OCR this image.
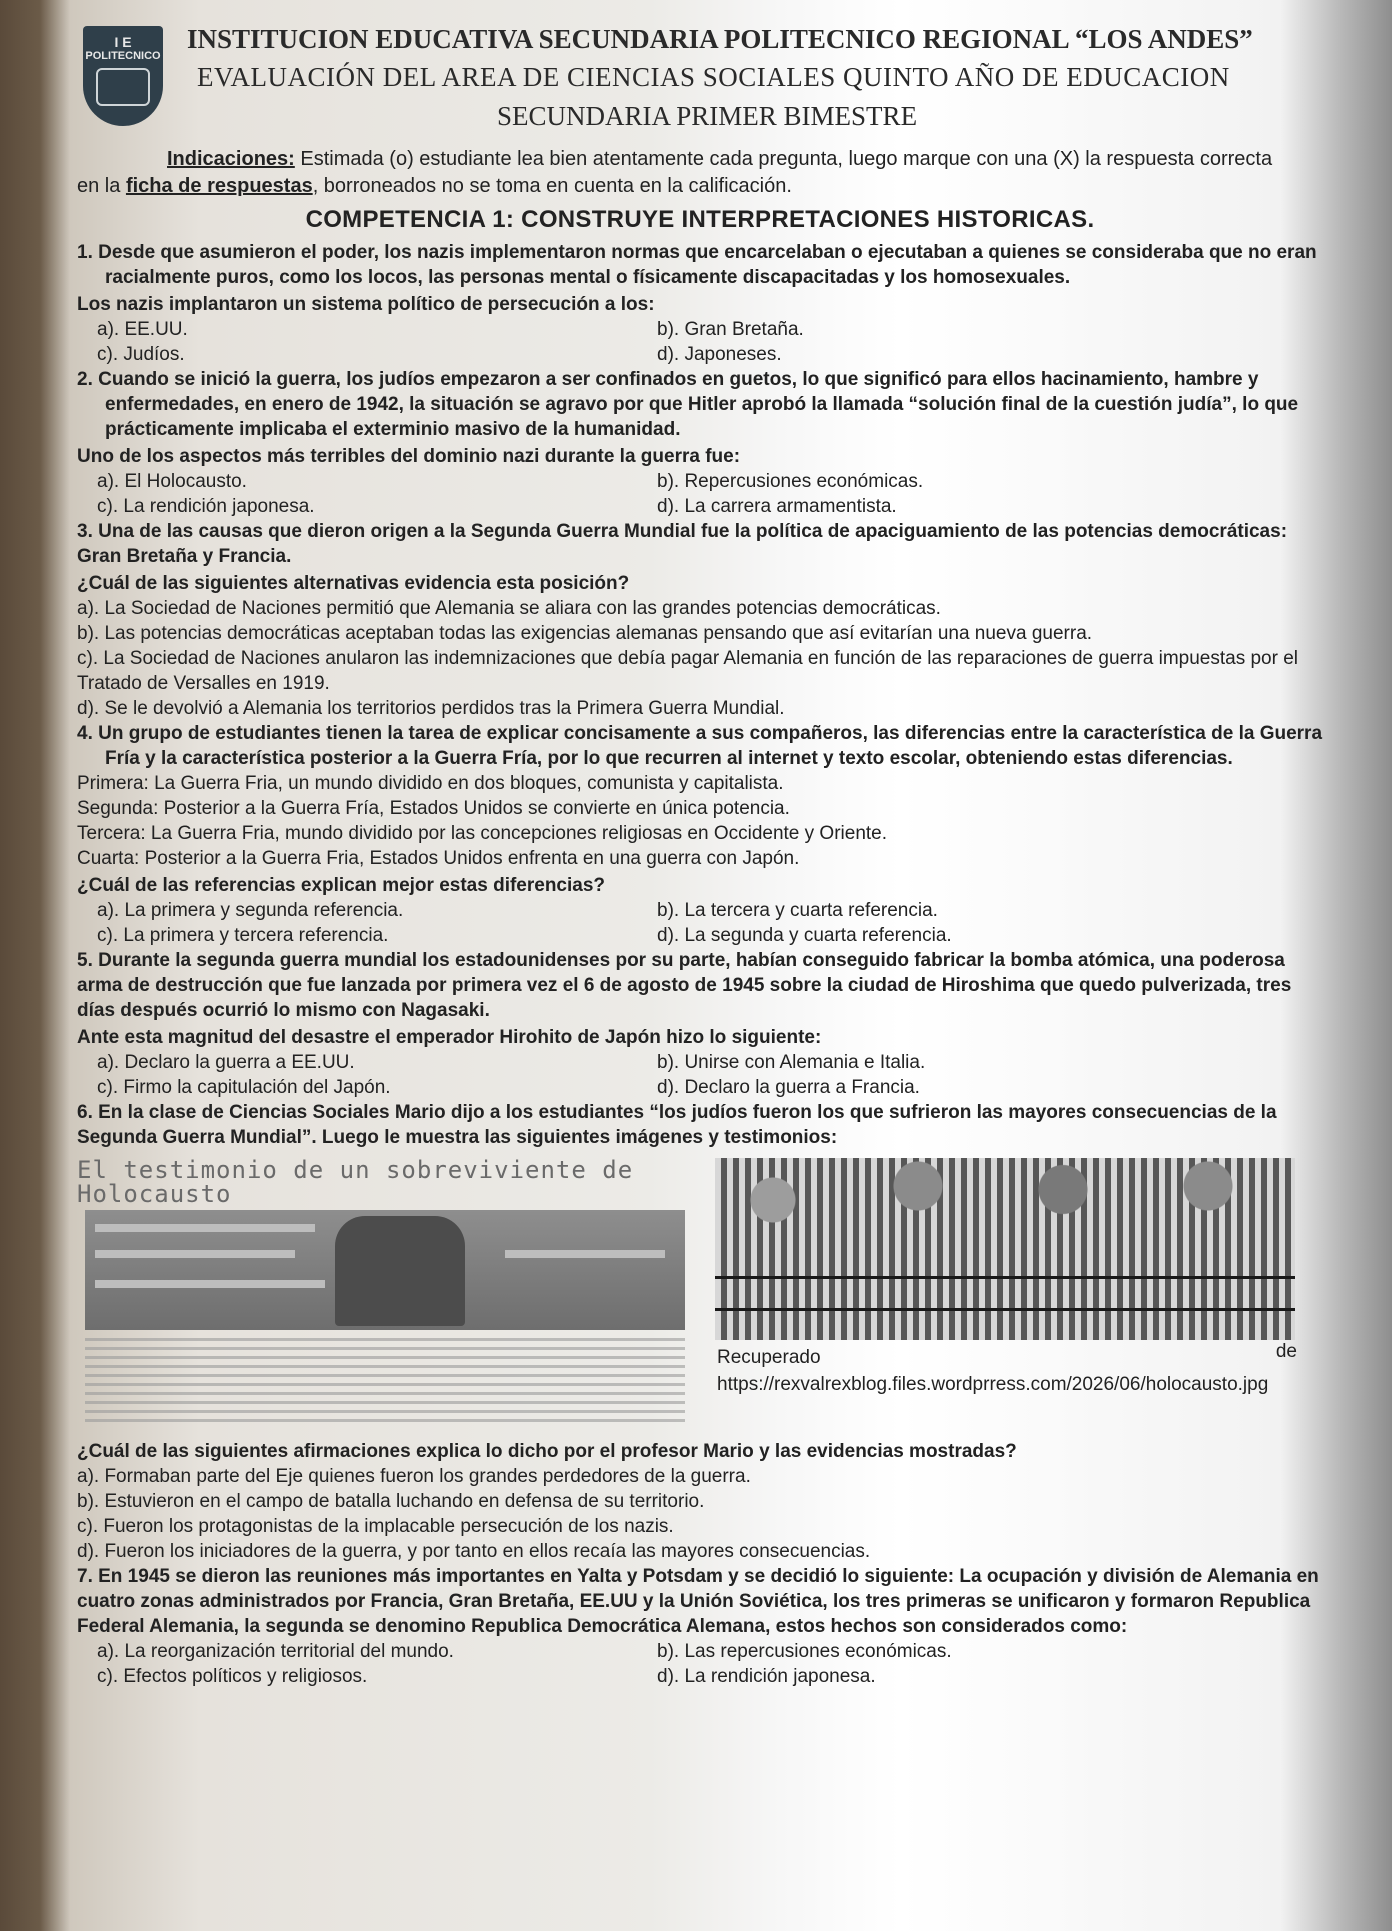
I E
POLITECNICO
INSTITUCION EDUCATIVA SECUNDARIA POLITECNICO REGIONAL “LOS ANDES”
EVALUACIÓN DEL AREA DE CIENCIAS SOCIALES QUINTO AÑO DE EDUCACION
SECUNDARIA PRIMER BIMESTRE
Indicaciones: Estimada (o) estudiante lea bien atentamente cada pregunta, luego marque con una (X) la respuesta correcta
en la ficha de respuestas, borroneados no se toma en cuenta en la calificación.
COMPETENCIA 1: CONSTRUYE INTERPRETACIONES HISTORICAS.
1. Desde que asumieron el poder, los nazis implementaron normas que encarcelaban o ejecutaban a quienes se consideraba que no eran racialmente puros, como los locos, las personas mental o físicamente discapacitadas y los homosexuales.
Los nazis implantaron un sistema político de persecución a los:
a). EE.UU.	b). Gran Bretaña.
c). Judíos.	d). Japoneses.
2. Cuando se inició la guerra, los judíos empezaron a ser confinados en guetos, lo que significó para ellos hacinamiento, hambre y enfermedades, en enero de 1942, la situación se agravo por que Hitler aprobó la llamada “solución final de la cuestión judía”, lo que prácticamente implicaba el exterminio masivo de la humanidad.
Uno de los aspectos más terribles del dominio nazi durante la guerra fue:
a). El Holocausto.	b). Repercusiones económicas.
c). La rendición japonesa.	d). La carrera armamentista.
3. Una de las causas que dieron origen a la Segunda Guerra Mundial fue la política de apaciguamiento de las potencias democráticas: Gran Bretaña y Francia.
¿Cuál de las siguientes alternativas evidencia esta posición?
a). La Sociedad de Naciones permitió que Alemania se aliara con las grandes potencias democráticas.
b). Las potencias democráticas aceptaban todas las exigencias alemanas pensando que así evitarían una nueva guerra.
c). La Sociedad de Naciones anularon las indemnizaciones que debía pagar Alemania en función de las reparaciones de guerra impuestas por el Tratado de Versalles en 1919.
d). Se le devolvió a Alemania los territorios perdidos tras la Primera Guerra Mundial.
4. Un grupo de estudiantes tienen la tarea de explicar concisamente a sus compañeros, las diferencias entre la característica de la Guerra Fría y la característica posterior a la Guerra Fría, por lo que recurren al internet y texto escolar, obteniendo estas diferencias.
Primera: La Guerra Fria, un mundo dividido en dos bloques, comunista y capitalista.
Segunda: Posterior a la Guerra Fría, Estados Unidos se convierte en única potencia.
Tercera: La Guerra Fria, mundo dividido por las concepciones religiosas en Occidente y Oriente.
Cuarta: Posterior a la Guerra Fria, Estados Unidos enfrenta en una guerra con Japón.
¿Cuál de las referencias explican mejor estas diferencias?
a). La primera y segunda referencia.	b). La tercera y cuarta referencia.
c). La primera y tercera referencia.	d). La segunda y cuarta referencia.
5. Durante la segunda guerra mundial los estadounidenses por su parte, habían conseguido fabricar la bomba atómica, una poderosa arma de destrucción que fue lanzada por primera vez el 6 de agosto de 1945 sobre la ciudad de Hiroshima que quedo pulverizada, tres días después ocurrió lo mismo con Nagasaki.
Ante esta magnitud del desastre el emperador Hirohito de Japón hizo lo siguiente:
a). Declaro la guerra a EE.UU.	b). Unirse con Alemania e Italia.
c). Firmo la capitulación del Japón.	d). Declaro la guerra a Francia.
6. En la clase de Ciencias Sociales Mario dijo a los estudiantes “los judíos fueron los que sufrieron las mayores consecuencias de la Segunda Guerra Mundial”. Luego le muestra las siguientes imágenes y testimonios:
El testimonio de un sobreviviente de Holocausto
Recuperado	de
https://rexvalrexblog.files.wordprress.com/2026/06/holocausto.jpg
¿Cuál de las siguientes afirmaciones explica lo dicho por el profesor Mario y las evidencias mostradas?
a). Formaban parte del Eje quienes fueron los grandes perdedores de la guerra.
b). Estuvieron en el campo de batalla luchando en defensa de su territorio.
c). Fueron los protagonistas de la implacable persecución de los nazis.
d). Fueron los iniciadores de la guerra, y por tanto en ellos recaía las mayores consecuencias.
7. En 1945 se dieron las reuniones más importantes en Yalta y Potsdam y se decidió lo siguiente: La ocupación y división de Alemania en cuatro zonas administrados por Francia, Gran Bretaña, EE.UU y la Unión Soviética, los tres primeras se unificaron y formaron Republica Federal Alemania, la segunda se denomino Republica Democrática Alemana, estos hechos son considerados como:
a). La reorganización territorial del mundo.	b). Las repercusiones económicas.
c). Efectos políticos y religiosos.	d). La rendición japonesa.
